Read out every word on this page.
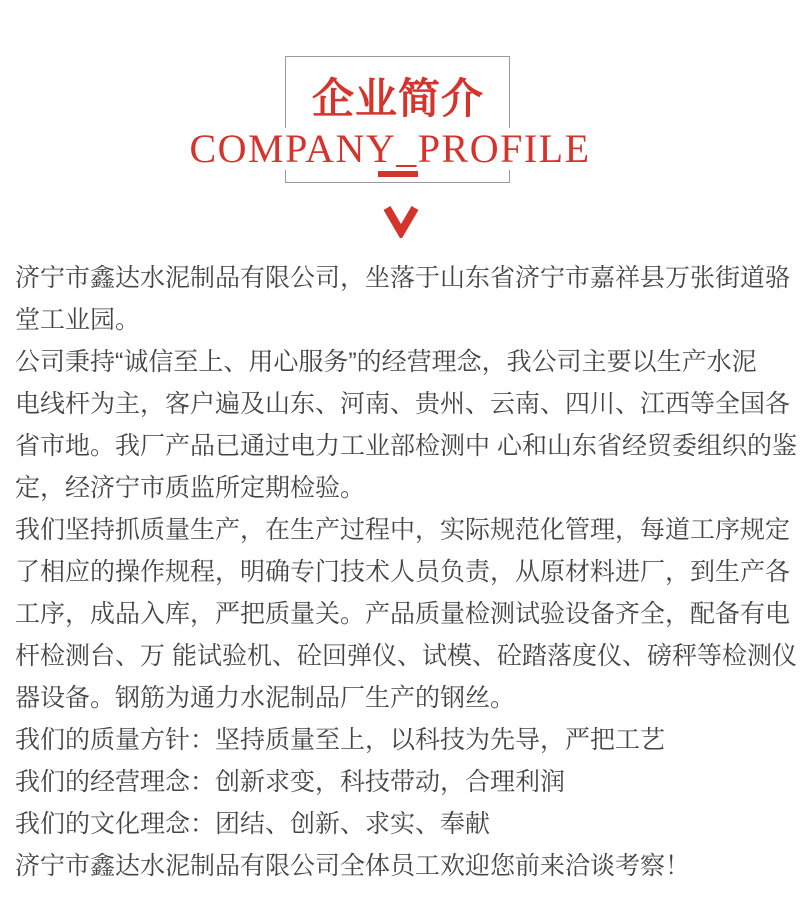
企业简介
COMPANY_PROFILE
济宁市鑫达水泥制品有限公司，坐落于山东省济宁市嘉祥县万张街道骆
堂工业园。
公司秉持“诚信至上、用心服务”的经营理念，我公司主要以生产水泥
电线杆为主，客户遍及山东、河南、贵州、云南、四川、江西等全国各
省市地。我厂产品已通过电力工业部检测中 心和山东省经贸委组织的鉴
定，经济宁市质监所定期检验。
我们坚持抓质量生产，在生产过程中，实际规范化管理，每道工序规定
了相应的操作规程，明确专门技术人员负责，从原材料进厂，到生产各
工序，成品入库，严把质量关。产品质量检测试验设备齐全，配备有电
杆检测台、万 能试验机、砼回弹仪、试模、砼踏落度仪、磅秤等检测仪
器设备。钢筋为通力水泥制品厂生产的钢丝。
我们的质量方针：坚持质量至上，以科技为先导，严把工艺
我们的经营理念：创新求变，科技带动，合理利润
我们的文化理念：团结、创新、求实、奉献
济宁市鑫达水泥制品有限公司全体员工欢迎您前来洽谈考察！
